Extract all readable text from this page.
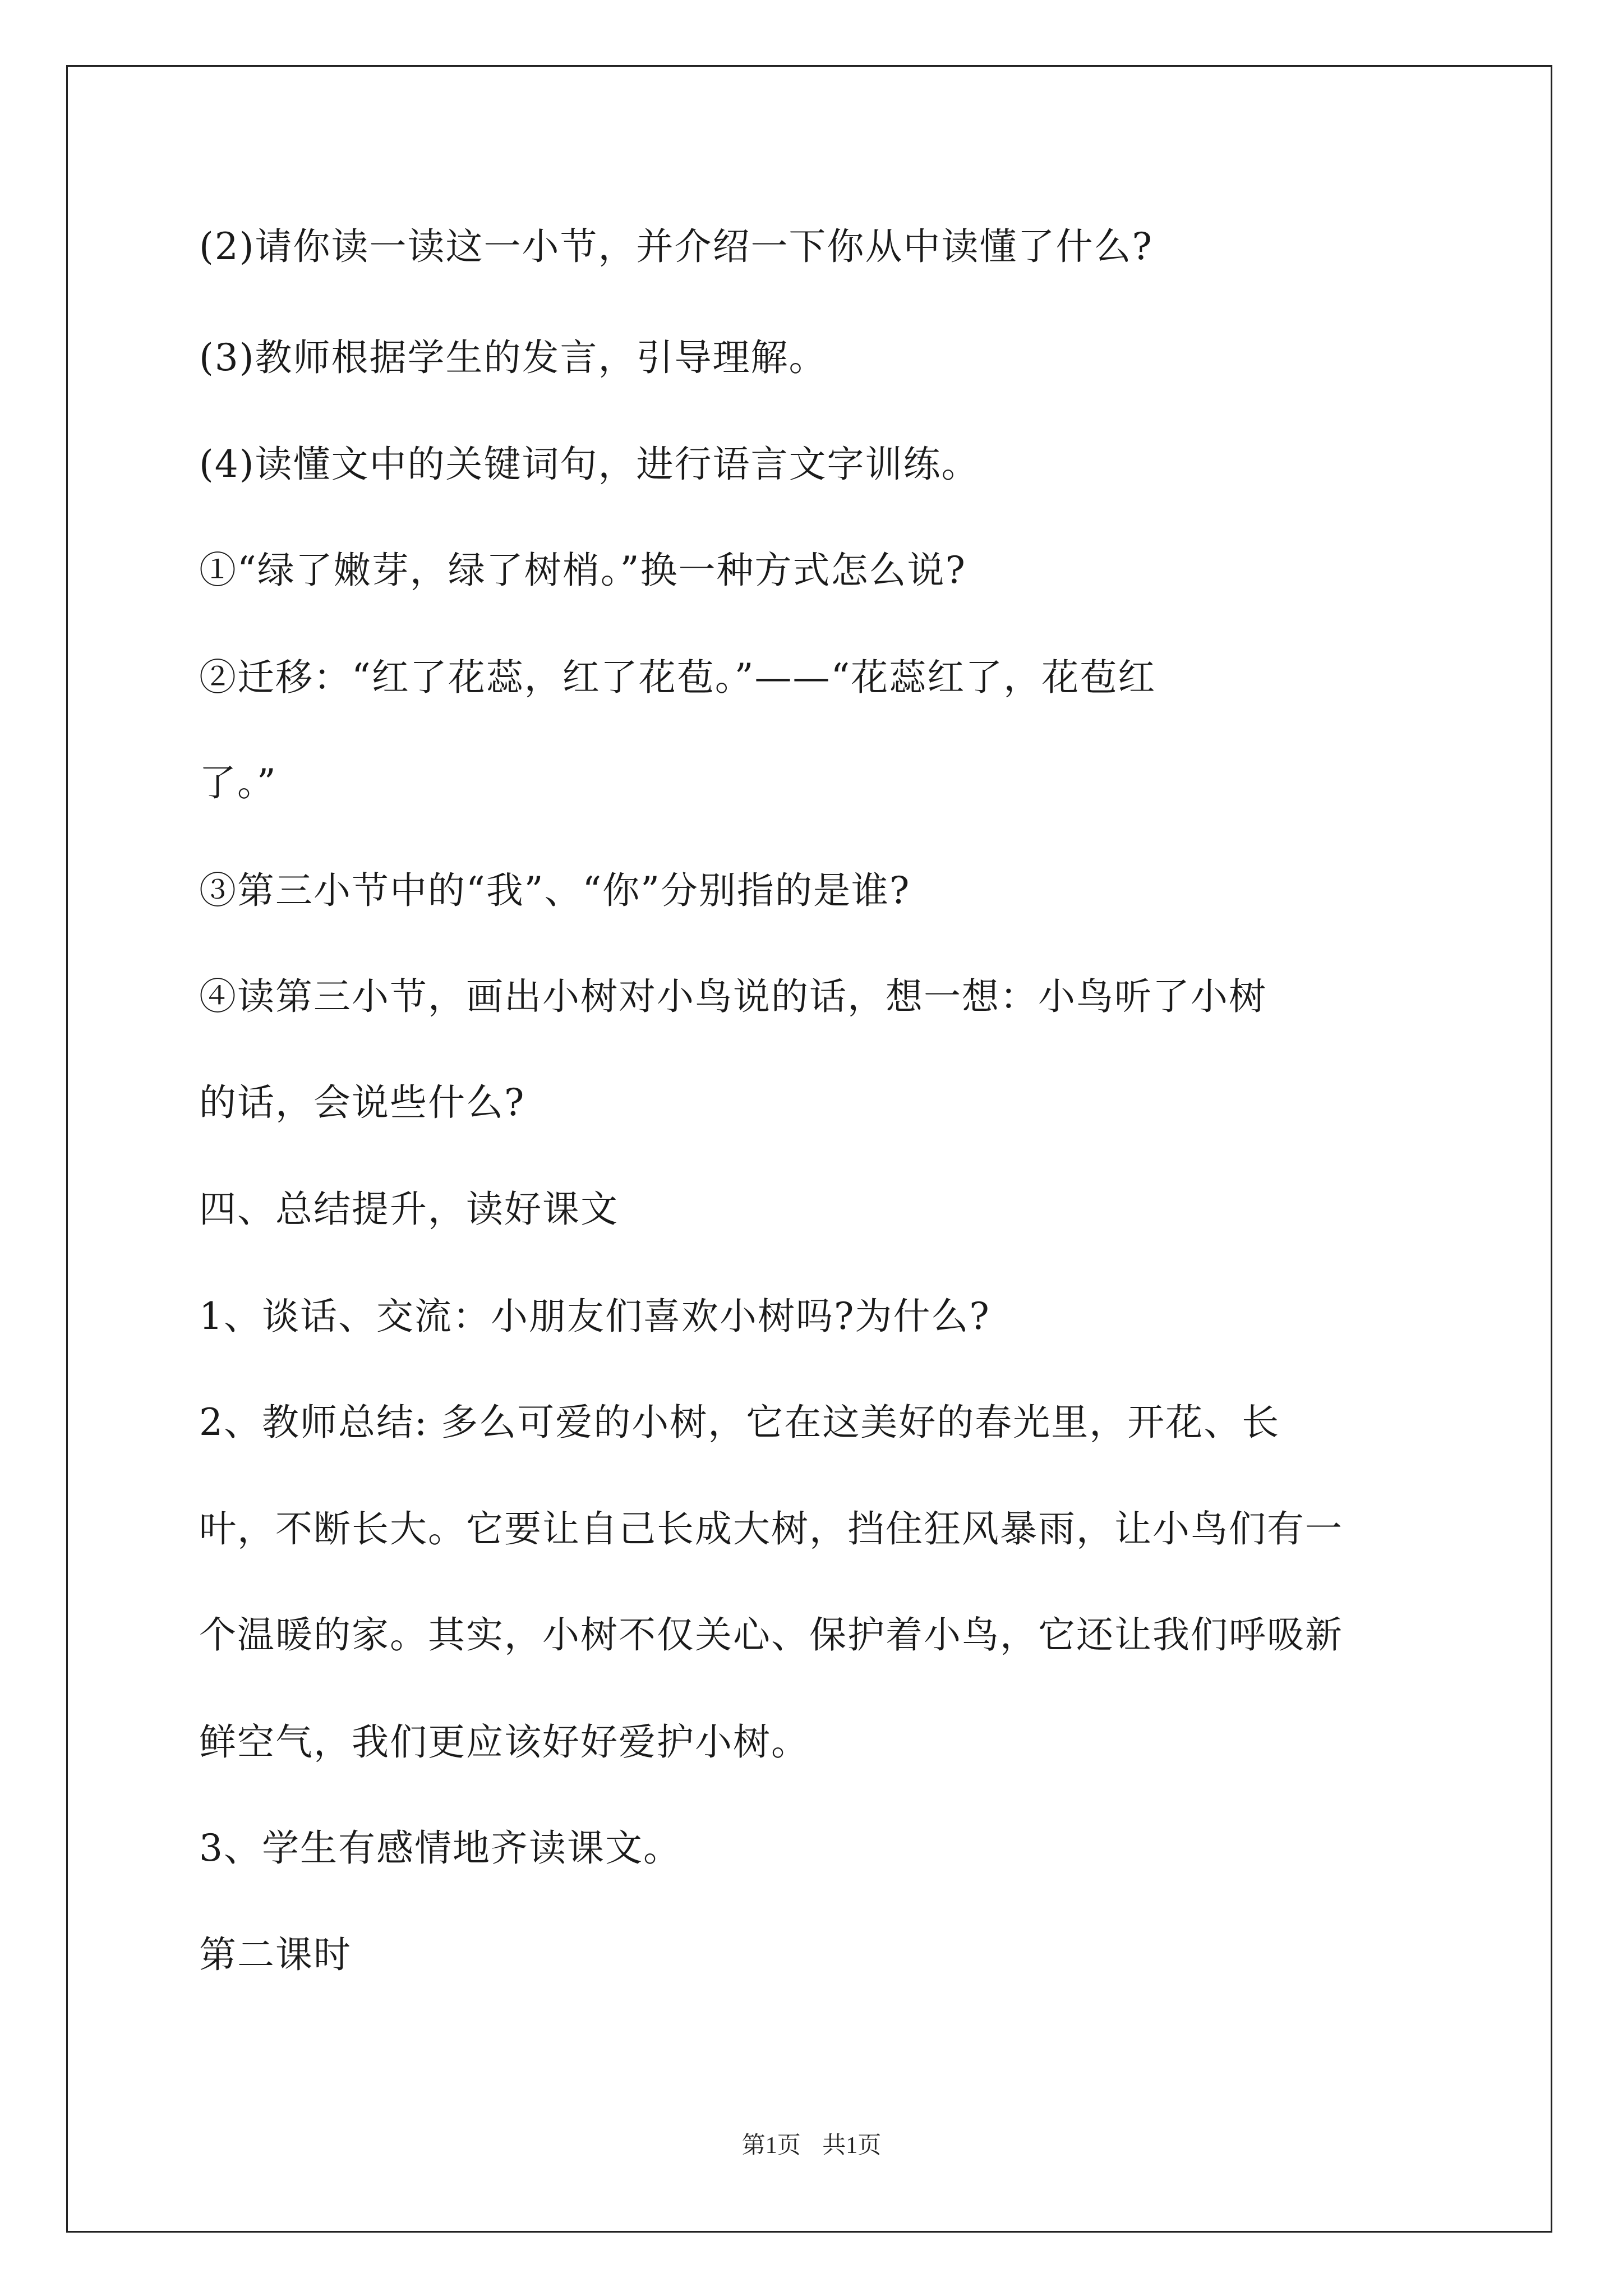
(2)请你读一读这一小节，并介绍一下你从中读懂了什么?
(3)教师根据学生的发言，引导理解。
(4)读懂文中的关键词句，进行语言文字训练。
①“绿了嫩芽，绿了树梢。”换一种方式怎么说?
②迁移：“红了花蕊，红了花苞。”——“花蕊红了，花苞红
了。”
③第三小节中的“我”、“你”分别指的是谁?
④读第三小节，画出小树对小鸟说的话，想一想：小鸟听了小树
的话，会说些什么?
四、总结提升，读好课文
1、谈话、交流：小朋友们喜欢小树吗?为什么?
2、教师总结: 多么可爱的小树，它在这美好的春光里，开花、长
叶，不断长大。它要让自己长成大树，挡住狂风暴雨，让小鸟们有一
个温暖的家。其实，小树不仅关心、保护着小鸟，它还让我们呼吸新
鲜空气，我们更应该好好爱护小树。
3、学生有感情地齐读课文。
第二课时
第1页 共1页
